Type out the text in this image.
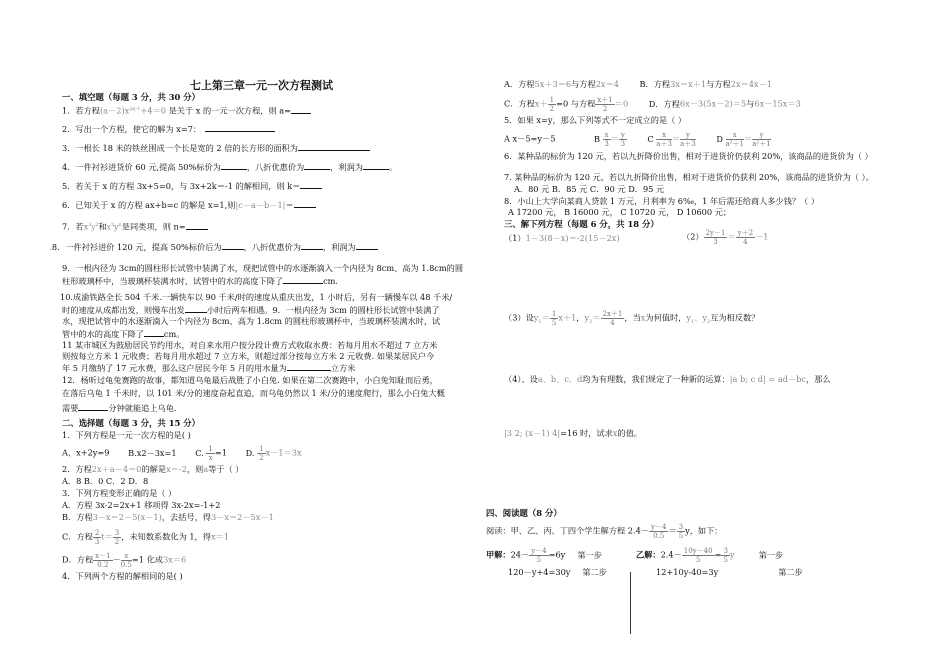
七上第三章一元一次方程测试
一、填空题（每题 3 分，共 30 分）
1．若方程$(a-2)x^{|a|-1}+4=0$ 是关于 x 的一元一次方程，则 a=
2．写出一个方程，使它的解为 x=7：
3．一根长 18 米的铁丝围成一个长是宽的 2 倍的长方形的面积为
4．一件衬衫进货价 60 元,提高 50%标价为	，八折优惠价为	，利润为	。
5．若关于 x 的方程 3x+5=0，与 3x+2k＝-1 的解相同，则 k＝
6．已知关于 x 的方程 ax+b=c 的解是 x=1,则|c－a－b－1|＝
7．若$x^3y^2$和$x^3y^n$是同类项，则 n=
.8．一件衬衫进价 120 元，提高 50%标价后为	，八折优惠价为	，利润为
9．一根内径为 3cm的圆柱形长试管中装满了水，现把试管中的水逐渐滴入一个内径为 8cm、高为 1.8cm的圆
柱形玻璃杯中，当玻璃杯装满水时，试管中的水的高度下降了	cm.
10.成渝铁路全长 504 千米.一辆快车以 90 千米/时的速度从重庆出发，1 小时后，另有一辆慢车以 48 千米/
时的速度从成都出发，则慢车出发	小时后两车相遇。9．一根内径为 3cm 的圆柱形长试管中装满了
水，现把试管中的水逐渐滴入一个内径为 8cm、高为 1.8cm 的圆柱形玻璃杯中，当玻璃杯装满水时，试
管中的水的高度下降了 cm。
11 某市城区为鼓励居民节约用水，对自来水用户按分段计费方式收取水费：若每月用水不超过 7 立方米
则按每立方米 1 元收费；若每月用水超过 7 立方米，则超过部分按每立方米 2 元收费. 如果某居民户今
年 5 月缴纳了 17 元水费，那么这户居民今年 5 月的用水量为	立方米
12．杨昕过龟兔赛跑的故事，都知道乌龟最后战胜了小白兔. 如果在第二次赛跑中，小白兔知耻而后勇，
在落后乌龟 1 千米时，以 101 米/分的速度奋起直追，而乌龟仍然以 1 米/分的速度爬行，那么小白兔大概
需要	分钟就能追上乌龟.
二、选择题（每题 3 分，共 15 分）
1．下列方程是一元一次方程的是( )
A、x+2y=9 B.x2－3x=1 C. $\frac{1}{x} =1$ D. $\frac{1}{2} x-1=3x$
2．方程2x＋a－4＝0的解是x＝-2，则a等于（ ）
A．8 B．0 C．2 D．8
3．下列方程变形正确的是（ ）
A．方程 3x-2=2x+1 移项得 3x-2x=-1+2
B．方程3－x＝2－5(x－1)，去括号，得3－x＝2－5x－1
C．方程 $\frac{2}{3} t= \frac{3}{2}$ ，未知数系数化为 1，得x＝1
D．方程 $\frac{x-1}{0.2} - \frac{x}{0.5} =1$ 化成3x＝6
4．下列两个方程的解相同的是( )
A．方程5x＋3＝6与方程2x＝4	B．方程3x＝x＋1与方程2x＝4x－1
C．方程$x+ \frac{1}{2} =0$ 与方程 $\frac{x+1}{2} =0$	D．方程6x－3(5x－2)＝5与6x－15x＝3
5．如果 x=y，那么下列等式不一定成立的是（ ）
A x－5=y－5	B $\frac{x}{3} = \frac{y}{3}$	C $\frac{x}{a+3} = \frac{y}{a+3}$	D $\frac{x}{\text{a²＋1}} = \frac{y}{\text{a²＋1}}$
6．某种品的标价为 120 元，若以九折降价出售，相对于进货价仍获利 20%，该商品的进货价为（ ）
7. 某种品的标价为 120 元，若以九折降价出售，相对于进货价仍获利 20%，该商品的进货价为（ ）。
A．80 元 B．85 元 C．90 元 D．95 元
8．小山上大学向某商人贷款 1 万元，月利率为 6‰，1 年后需还给商人多少钱？（ ）
A 17200 元， B 16000 元， C 10720 元， D 10600 元；
三、解下列方程（每题 6 分，共 18 分）
（1）1－3(8－x)＝-2(15－2x)	$(2) \frac{2y-1}{3} = \frac{y+2}{4} -1$
（3）设$y_1= \frac{1}{5} x+1$，$y_2= \frac{2x+1}{4}$ ，当x为何值时，$y_1$、$y_2$互为相反数？
（4）、设a、b、c、d均为有理数，我们规定了一种新的运算：|a b; c d| = ad－bc，那么
|3 2; (x－1) 4|=16 时，试求x的值。
四、阅读题（8 分）
阅读：甲、乙、丙、丁四个学生解方程 $2.4- \frac{y-4}{0.5} = \frac{3}{5}$ y，如下：
甲解：$24- \frac{y-4}{5} =6y$ 第一步
120－y+4=30y 第二步
乙解：$2.4- \frac{10y-40}{5} = \frac{3}{5}$ y	第一步
12+10y-40=3y	第二步
